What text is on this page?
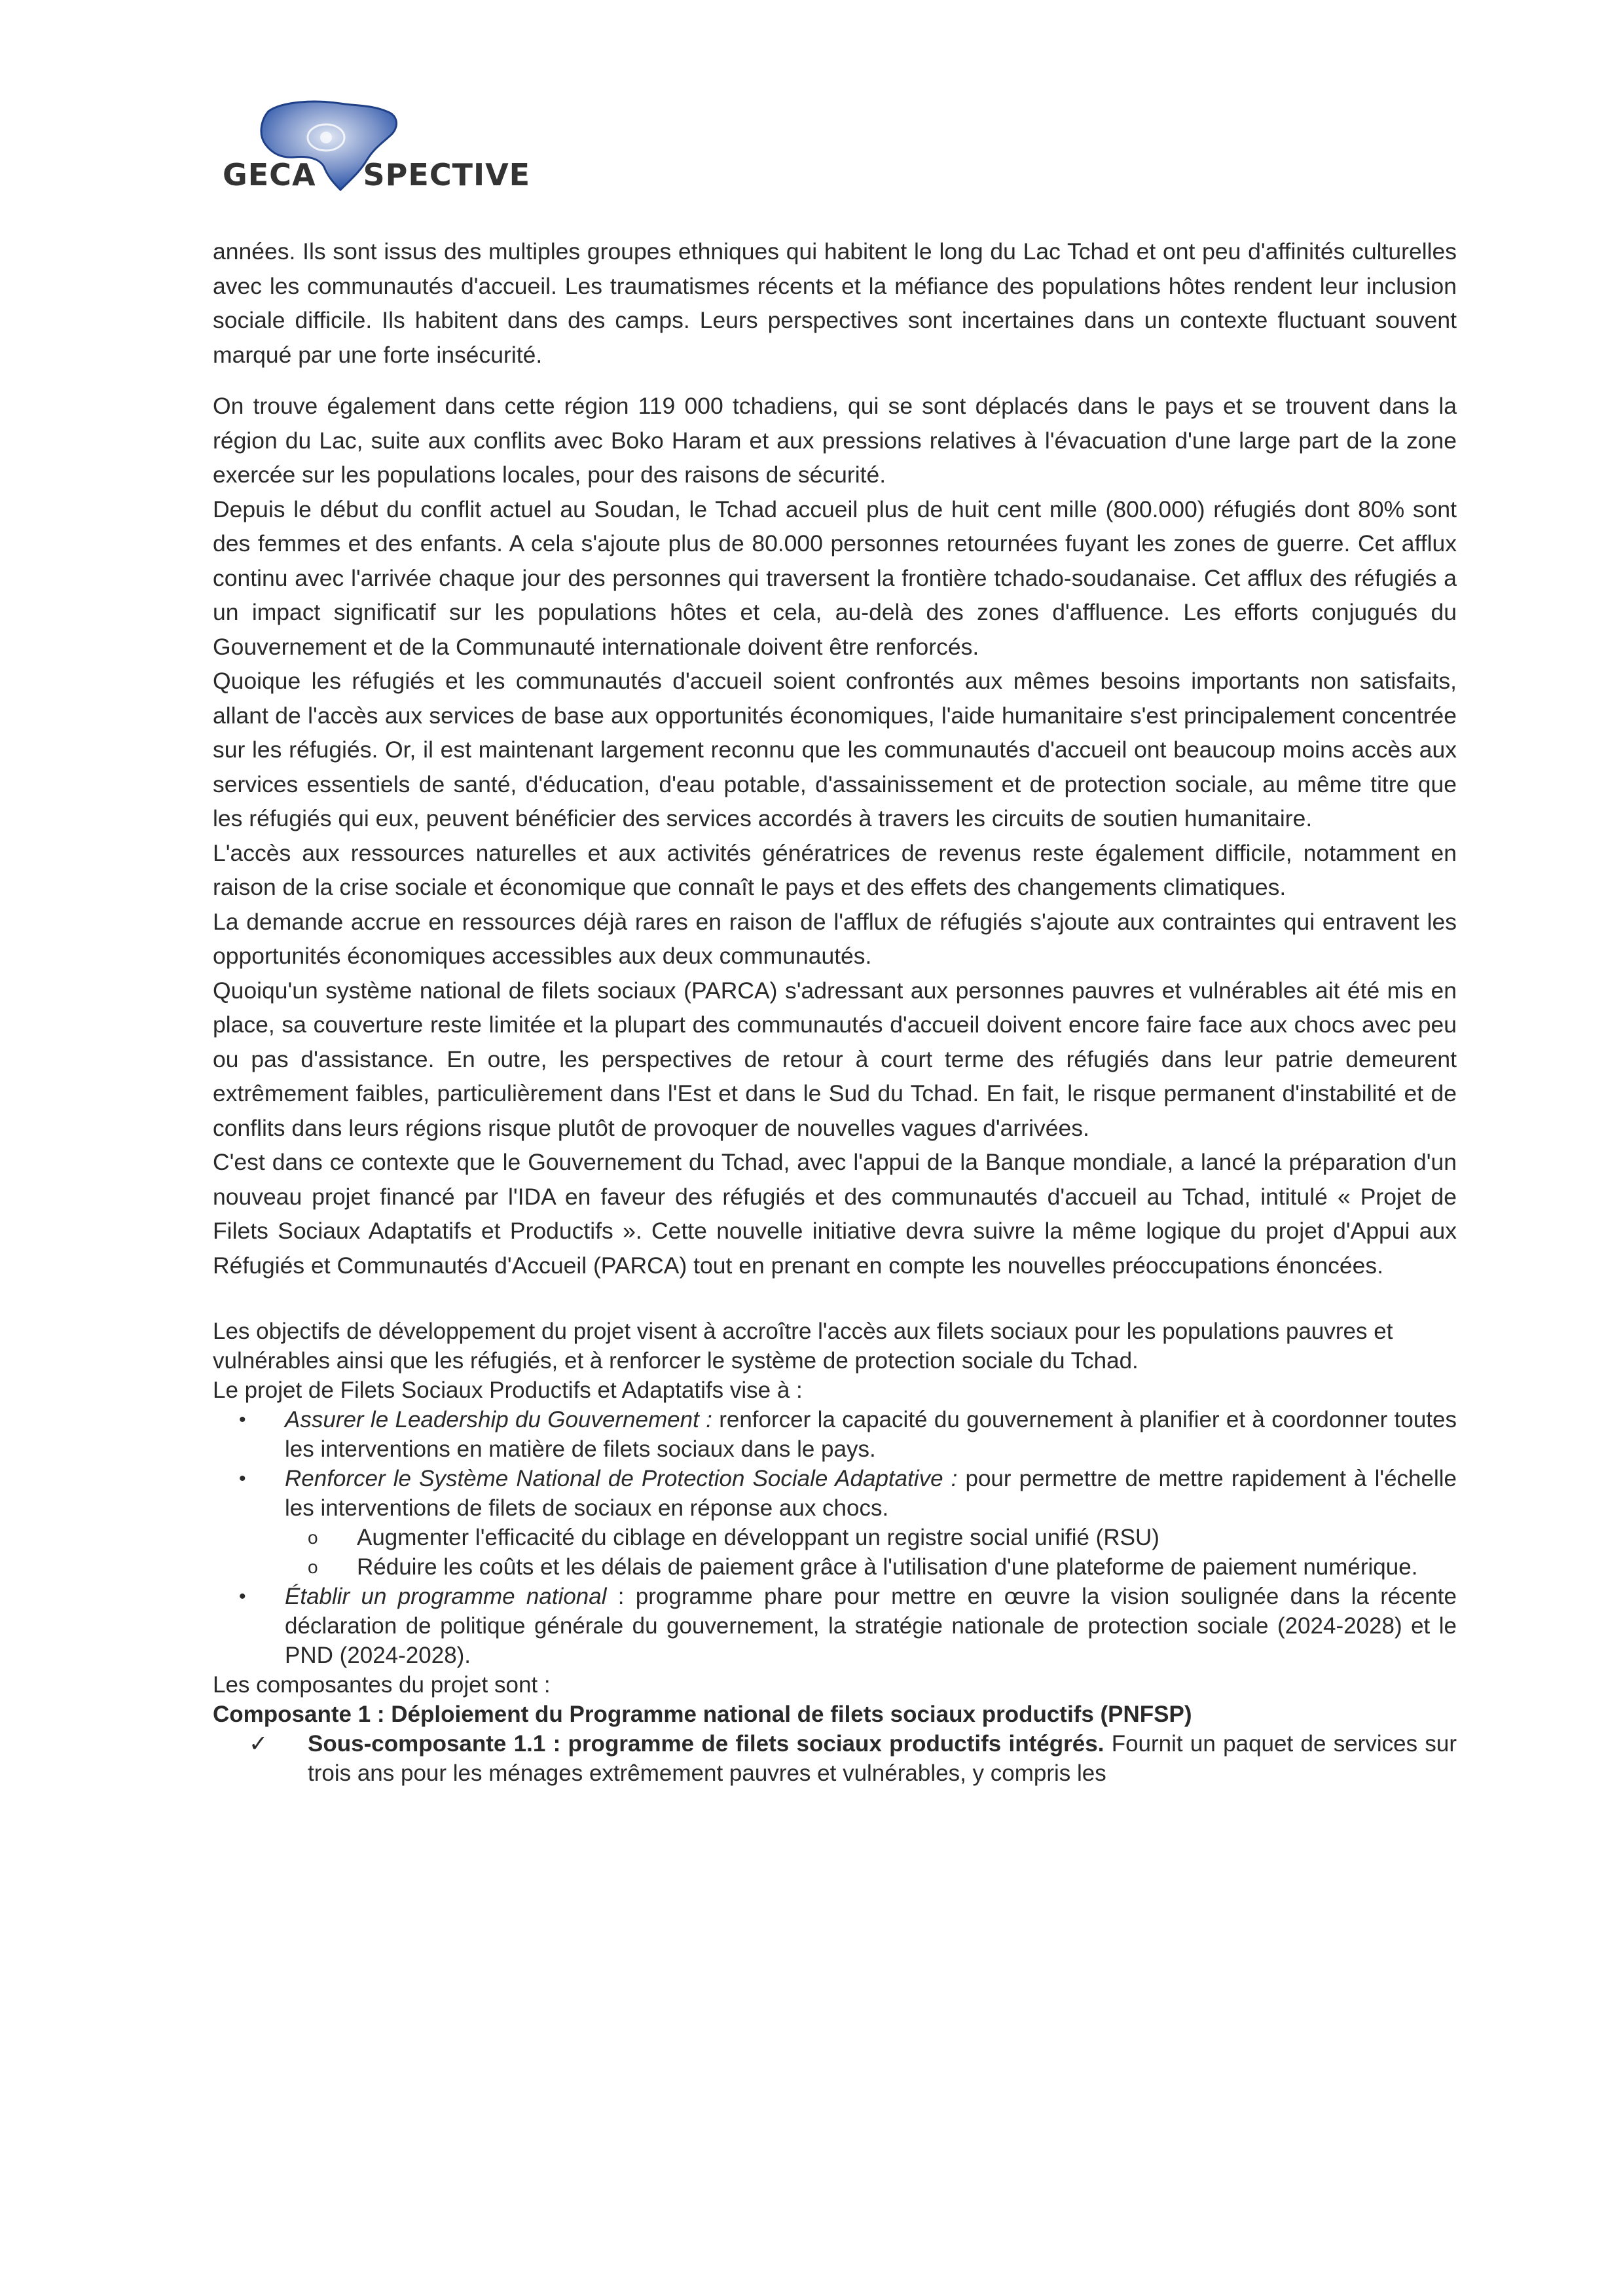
GECA SPECTIVE

années. Ils sont issus des multiples groupes ethniques qui habitent le long du Lac Tchad et ont peu d'affinités culturelles avec les communautés d'accueil. Les traumatismes récents et la méfiance des populations hôtes rendent leur inclusion sociale difficile. Ils habitent dans des camps. Leurs perspectives sont incertaines dans un contexte fluctuant souvent marqué par une forte insécurité.

On trouve également dans cette région 119 000 tchadiens, qui se sont déplacés dans le pays et se trouvent dans la région du Lac, suite aux conflits avec Boko Haram et aux pressions relatives à l'évacuation d'une large part de la zone exercée sur les populations locales, pour des raisons de sécurité.

Depuis le début du conflit actuel au Soudan, le Tchad accueil plus de huit cent mille (800.000) réfugiés dont 80% sont des femmes et des enfants. A cela s'ajoute plus de 80.000 personnes retournées fuyant les zones de guerre. Cet afflux continu avec l'arrivée chaque jour des personnes qui traversent la frontière tchado-soudanaise. Cet afflux des réfugiés a un impact significatif sur les populations hôtes et cela, au-delà des zones d'affluence. Les efforts conjugués du Gouvernement et de la Communauté internationale doivent être renforcés.

Quoique les réfugiés et les communautés d'accueil soient confrontés aux mêmes besoins importants non satisfaits, allant de l'accès aux services de base aux opportunités économiques, l'aide humanitaire s'est principalement concentrée sur les réfugiés. Or, il est maintenant largement reconnu que les communautés d'accueil ont beaucoup moins accès aux services essentiels de santé, d'éducation, d'eau potable, d'assainissement et de protection sociale, au même titre que les réfugiés qui eux, peuvent bénéficier des services accordés à travers les circuits de soutien humanitaire.

L'accès aux ressources naturelles et aux activités génératrices de revenus reste également difficile, notamment en raison de la crise sociale et économique que connaît le pays et des effets des changements climatiques.

La demande accrue en ressources déjà rares en raison de l'afflux de réfugiés s'ajoute aux contraintes qui entravent les opportunités économiques accessibles aux deux communautés.

Quoiqu'un système national de filets sociaux (PARCA) s'adressant aux personnes pauvres et vulnérables ait été mis en place, sa couverture reste limitée et la plupart des communautés d'accueil doivent encore faire face aux chocs avec peu ou pas d'assistance. En outre, les perspectives de retour à court terme des réfugiés dans leur patrie demeurent extrêmement faibles, particulièrement dans l'Est et dans le Sud du Tchad. En fait, le risque permanent d'instabilité et de conflits dans leurs régions risque plutôt de provoquer de nouvelles vagues d'arrivées.

C'est dans ce contexte que le Gouvernement du Tchad, avec l'appui de la Banque mondiale, a lancé la préparation d'un nouveau projet financé par l'IDA en faveur des réfugiés et des communautés d'accueil au Tchad, intitulé « Projet de Filets Sociaux Adaptatifs et Productifs ». Cette nouvelle initiative devra suivre la même logique du projet d'Appui aux Réfugiés et Communautés d'Accueil (PARCA) tout en prenant en compte les nouvelles préoccupations énoncées.

Les objectifs de développement du projet visent à accroître l'accès aux filets sociaux pour les populations pauvres et vulnérables ainsi que les réfugiés, et à renforcer le système de protection sociale du Tchad.

Le projet de Filets Sociaux Productifs et Adaptatifs vise à :

• Assurer le Leadership du Gouvernement : renforcer la capacité du gouvernement à planifier et à coordonner toutes les interventions en matière de filets sociaux dans le pays.
• Renforcer le Système National de Protection Sociale Adaptative : pour permettre de mettre rapidement à l'échelle les interventions de filets de sociaux en réponse aux chocs.
o Augmenter l'efficacité du ciblage en développant un registre social unifié (RSU)
o Réduire les coûts et les délais de paiement grâce à l'utilisation d'une plateforme de paiement numérique.
• Établir un programme national : programme phare pour mettre en œuvre la vision soulignée dans la récente déclaration de politique générale du gouvernement, la stratégie nationale de protection sociale (2024-2028) et le PND (2024-2028).

Les composantes du projet sont :

Composante 1 : Déploiement du Programme national de filets sociaux productifs (PNFSP)

✓ Sous-composante 1.1 : programme de filets sociaux productifs intégrés. Fournit un paquet de services sur trois ans pour les ménages extrêmement pauvres et vulnérables, y compris les
